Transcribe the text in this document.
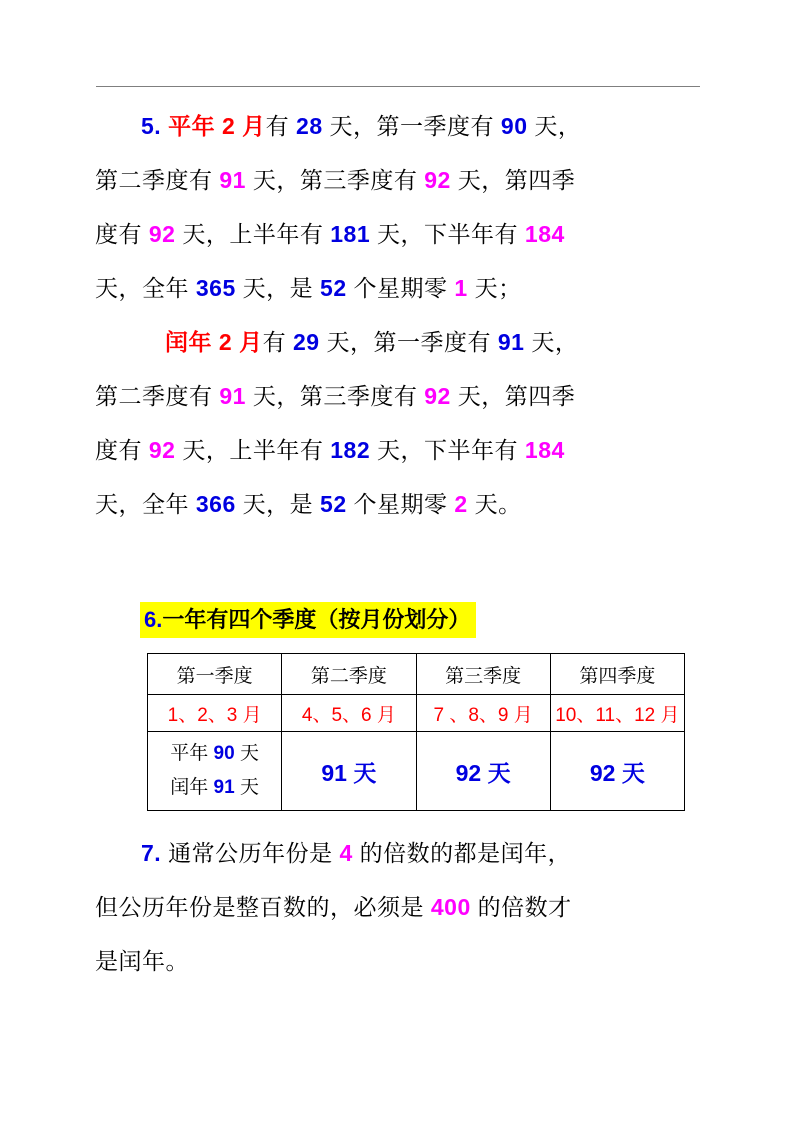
5. 平年 2 月有 28 天，第一季度有 90 天，

第二季度有 91 天，第三季度有 92 天，第四季

度有 92 天，上半年有 181 天，下半年有 184

天，全年 365 天，是 52 个星期零 1 天；

闰年 2 月有 29 天，第一季度有 91 天，

第二季度有 91 天，第三季度有 92 天，第四季

度有 92 天，上半年有 182 天，下半年有 184

天，全年 366 天，是 52 个星期零 2 天。

6.一年有四个季度（按月份划分）
第一季度	第二季度	第三季度	第四季度
1、2、3 月	4、5、6 月	7 、8、9 月	10、11、12 月

平年 90 天
闰年 91 天	91 天	92 天	92 天

7. 通常公历年份是 4 的倍数的都是闰年，

但公历年份是整百数的，必须是 400 的倍数才

是闰年。
